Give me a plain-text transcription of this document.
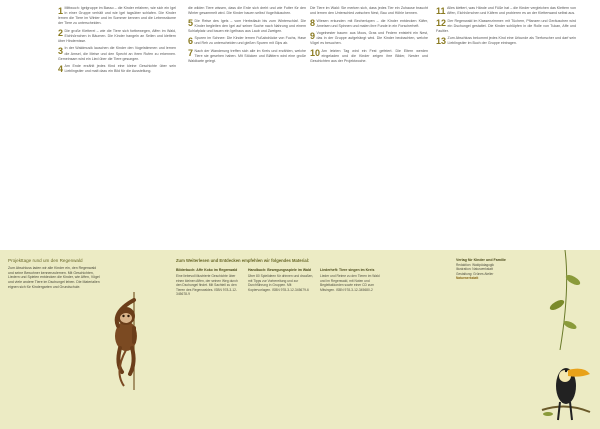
1 Mittwoch: Igelgruppe im Basso – die Kinder erfahren, wie sich ein Igel in einer Gruppe verhält und wie Igel tagsüber schlafen. Die Kinder lernen die Tiere im Winter und im Sommer kennen und die Lebensräume der Tiere zu unterscheiden.

2 Die große Kletterei – wie die Tiere sich fortbewegen, Affen im Wald, Eichhörnchen in Bäumen. Die Kinder hangeln an Seilen und klettern über Hindernisse.

3 In der Waldmusik lauschen die Kinder den Vogelstimmen und lernen die Amsel, die Meise und den Specht an ihren Rufen zu erkennen. Gemeinsam wird ein Lied über die Tiere gesungen.

4 Am Ende erzählt jedes Kind eine kleine Geschichte über sein Lieblingstier und malt dazu ein Bild für die Ausstellung.

die wilden Tiere wissen, dass die Erde sich dreht und wie Futter für den Winter gesammelt wird. Die Kinder bauen selbst Vogelhäuschen.

5 Die Reise des Igels – vom Herbstlaub bis zum Winterschlaf. Die Kinder begleiten den Igel auf seiner Suche nach Nahrung und einem Schlafplatz und bauen ein Igelhaus aus Laub und Zweigen.

6 Spuren im Schnee: Die Kinder lernen Fußabdrücke von Fuchs, Hase und Reh zu unterscheiden und gießen Spuren mit Gips ab.

7 Nach der Wanderung treffen sich alle im Kreis und erzählen, welche Tiere sie gesehen haben. Mit Stöcken und Blättern wird eine große Waldkarte gelegt.

Die Tiere im Wald: Sie merken sich, dass jedes Tier ein Zuhause braucht und lernen den Unterschied zwischen Nest, Bau und Höhle kennen.

8 Wiesen erkunden mit Becherlupen – die Kinder entdecken Käfer, Ameisen und Spinnen und malen ihre Funde in ein Forscherheft.

9 Vogelnester bauen: aus Moos, Gras und Federn entsteht ein Nest, das in der Gruppe aufgehängt wird. Die Kinder beobachten, welche Vögel es besuchen.

10 Am letzten Tag wird ein Fest gefeiert. Die Eltern werden eingeladen und die Kinder zeigen ihre Bilder, Nester und Geschichten aus der Projektwoche.

11 Alles klettert, was Hände und Füße hat – die Kinder vergleichen das Klettern von Affen, Eichhörnchen und Käfern und probieren es an der Kletterwand selbst aus.

12 Der Regenwald im Klassenzimmer: mit Tüchern, Pflanzen und Geräuschen wird ein Dschungel gestaltet. Die Kinder schlüpfen in die Rolle von Tukan, Affe und Faultier.

13 Zum Abschluss bekommt jedes Kind eine Urkunde als Tierforscher und darf sein Lieblingstier im Buch der Gruppe eintragen.

Projekttage rund um den Regenwald
Zum Abschluss laden wir alle Kinder ein, den Regenwald und seine Bewohner kennenzulernen. Mit Geschichten, Liedern und Spielen entdecken die Kinder, wie Affen, Vögel und viele andere Tiere im Dschungel leben. Die Materialien eignen sich für Kindergarten und Grundschule.
Zum Weiterlesen und Entdecken empfehlen wir folgendes Material:
Bilderbuch: Affe Koko im Regenwald
Eine liebevoll illustrierte Geschichte über einen kleinen Affen, der seinen Weg durch den Dschungel findet. Mit Sachteil zu den Tieren des Regenwaldes. ISBN 978-3-12-345678-9
Handbuch: Bewegungsspiele im Wald
Über 80 Spielideen für drinnen und draußen, mit Tipps zur Vorbereitung und zur Durchführung in Gruppen. Mit Kopiervorlagen. ISBN 978-3-12-345679-6
Liederheft: Tiere singen im Kreis
Lieder und Reime zu den Tieren im Wald und im Regenwald, mit Noten und Begleitakkorden sowie einer CD zum Mitsingen. ISBN 978-3-12-345680-2
Verlag für Kinder und Familie
Redaktion: Waldpädagogik
Illustration: Naturwerkstatt
Gestaltung: Grünes Atelier
Naturwerkstatt
